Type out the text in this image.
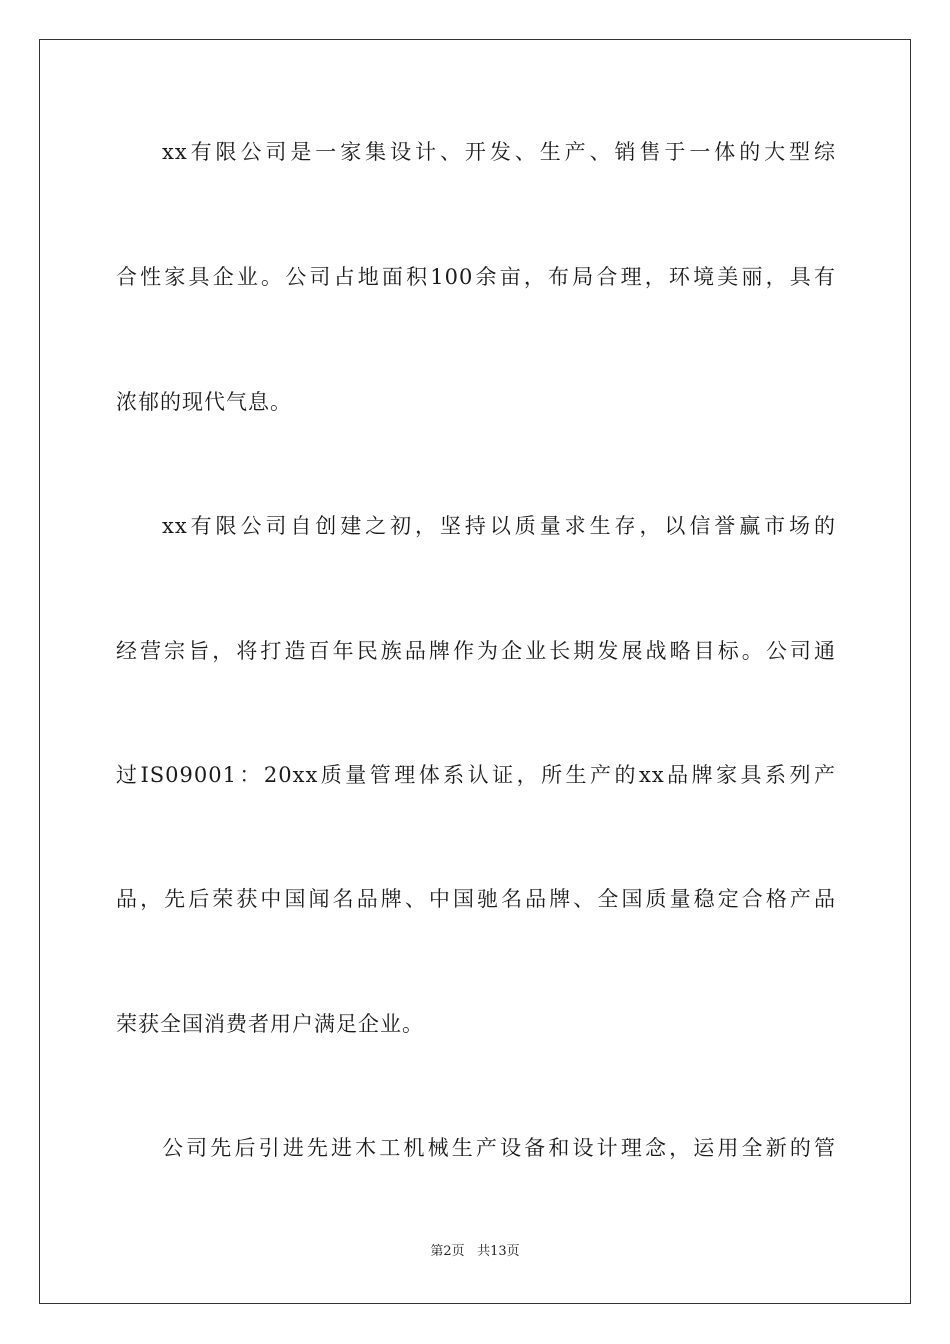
xx有限公司是一家集设计、开发、生产、销售于一体的大型综
合性家具企业。公司占地面积100余亩，布局合理，环境美丽，具有
浓郁的现代气息。
xx有限公司自创建之初，坚持以质量求生存，以信誉赢市场的
经营宗旨，将打造百年民族品牌作为企业长期发展战略目标。公司通
过IS09001：20xx质量管理体系认证，所生产的xx品牌家具系列产
品，先后荣获中国闻名品牌、中国驰名品牌、全国质量稳定合格产品
荣获全国消费者用户满足企业。
公司先后引进先进木工机械生产设备和设计理念，运用全新的管
第2页 共13页
